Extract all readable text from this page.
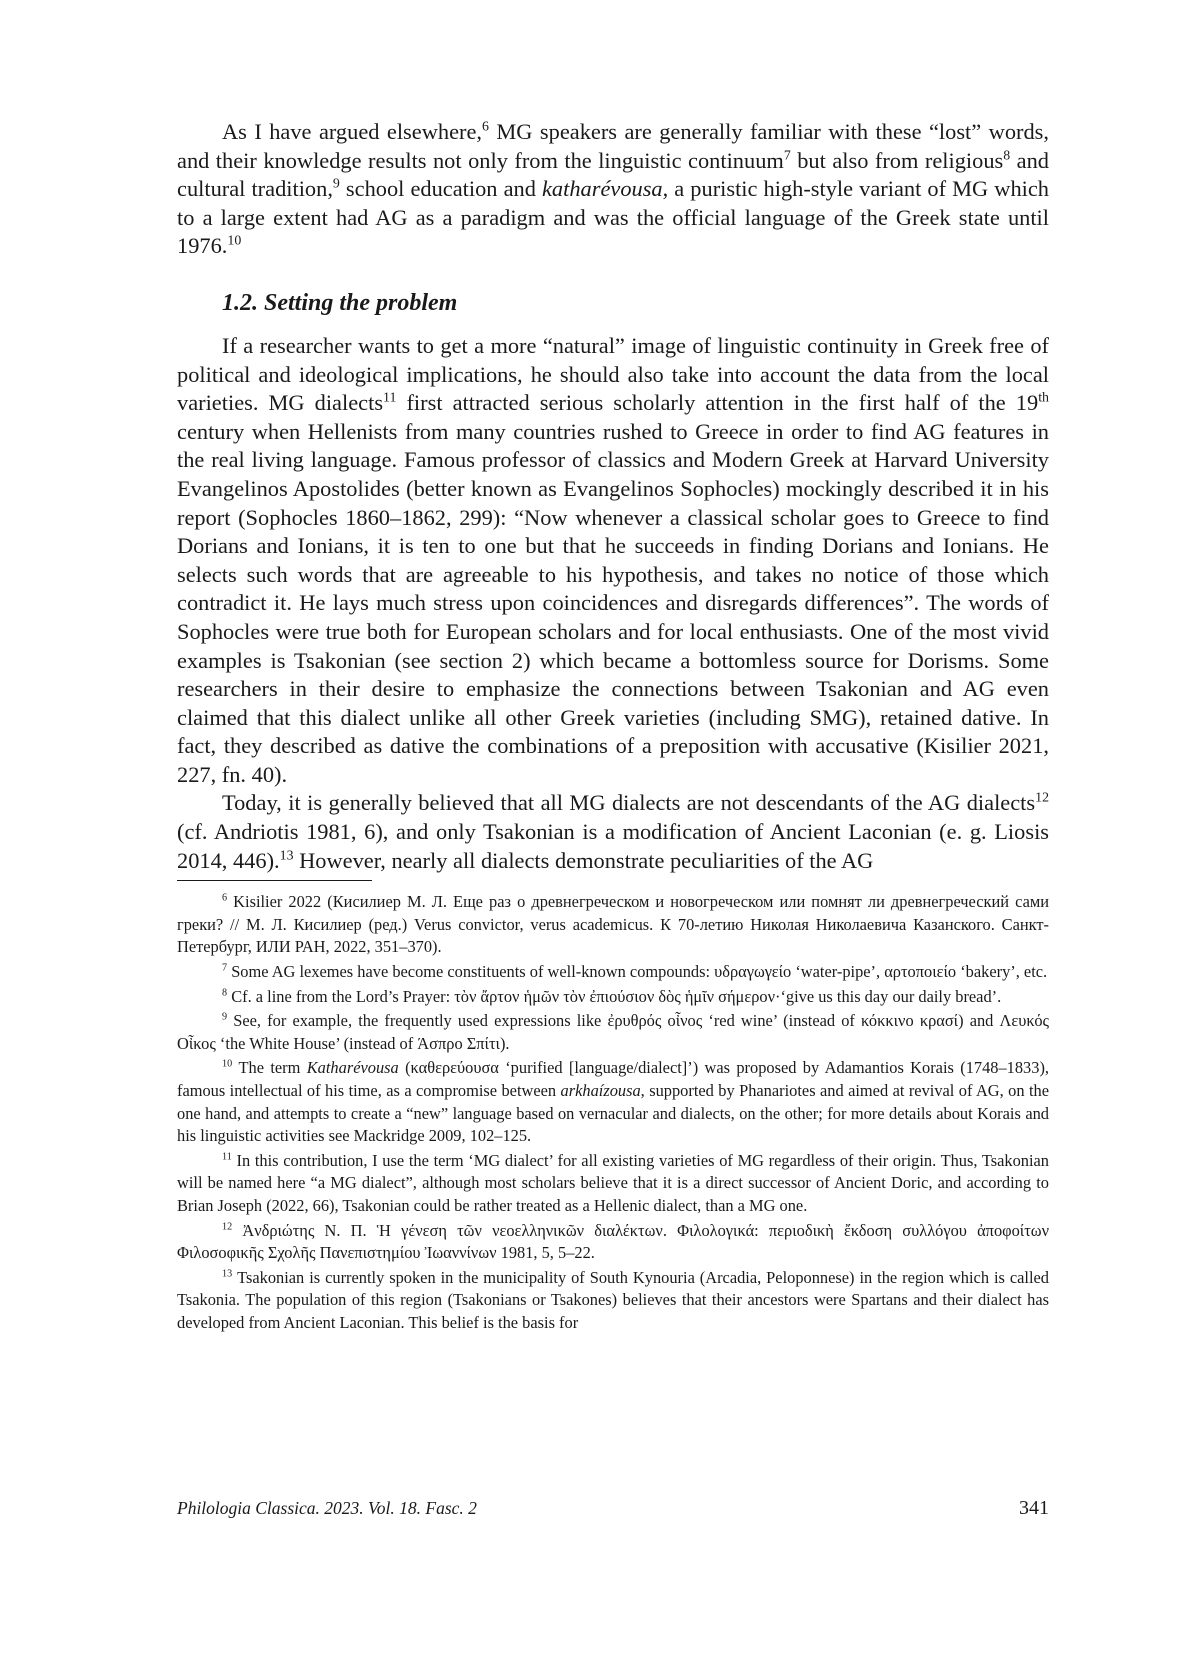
As I have argued elsewhere,$^6$ MG speakers are generally familiar with these “lost” words, and their knowledge results not only from the linguistic continuum$^7$ but also from religious$^8$ and cultural tradition,$^9$ school education and katharévousa, a puristic high-style variant of MG which to a large extent had AG as a paradigm and was the official language of the Greek state until 1976.10

1.2. Setting the problem

If a researcher wants to get a more “natural” image of linguistic continuity in Greek free of political and ideological implications, he should also take into account the data from the local varieties. MG dialects$^{11}$ first attracted serious scholarly attention in the first half of the 19th century when Hellenists from many countries rushed to Greece in order to find AG features in the real living language. Famous professor of classics and Modern Greek at Harvard University Evangelinos Apostolides (better known as Evangelinos Sophocles) mockingly described it in his report (Sophocles 1860–1862, 299): “Now whenever a classical scholar goes to Greece to find Dorians and Ionians, it is ten to one but that he succeeds in finding Dorians and Ionians. He selects such words that are agreeable to his hypothesis, and takes no notice of those which contradict it. He lays much stress upon coincidences and disregards differences”. The words of Sophocles were true both for European scholars and for local enthusiasts. One of the most vivid examples is Tsakonian (see section 2) which became a bottomless source for Dorisms. Some researchers in their desire to emphasize the connections between Tsakonian and AG even claimed that this dialect unlike all other Greek varieties (including SMG), retained dative. In fact, they described as dative the combinations of a preposition with accusative (Kisilier 2021, 227, fn. 40).

Today, it is generally believed that all MG dialects are not descendants of the AG dialects$^{12}$ (cf. Andriotis 1981, 6), and only Tsakonian is a modification of Ancient Laconian (e. g. Liosis 2014, 446).$^{13}$ However, nearly all dialects demonstrate peculiarities of the AG

$^6$ Kisilier 2022 (Кисилиер М. Л. Еще раз о древнегреческом и новогреческом или помнят ли древнегреческий сами греки? // М. Л. Кисилиер (ред.) Verus convictor, verus academicus. К 70-летию Николая Николаевича Казанского. Санкт-Петербург, ИЛИ РАН, 2022, 351–370).

$^7$ Some AG lexemes have become constituents of well-known compounds: υδραγωγείο ‘water-pipe’, αρτοποιείο ‘bakery’, etc.

$^8$ Cf. a line from the Lord’s Prayer: τὸν ἄρτον ἡμῶν τὸν ἐπιούσιον δὸς ἡμῖν σήμερον·‘give us this day our daily bread’.

$^9$ See, for example, the frequently used expressions like ἐρυθρός οἶνος ‘red wine’ (instead of κόκκινο κρασί) and Λευκός Οἶκος ‘the White House’ (instead of Άσπρο Σπίτι).

$^{10}$ The term Katharévousa (καθερεύουσα ‘purified [language/dialect]’) was proposed by Adamantios Korais (1748–1833), famous intellectual of his time, as a compromise between arkhaízousa, supported by Phanariotes and aimed at revival of AG, on the one hand, and attempts to create a “new” language based on vernacular and dialects, on the other; for more details about Korais and his linguistic activities see Mackridge 2009, 102–125.

$^{11}$ In this contribution, I use the term ‘MG dialect’ for all existing varieties of MG regardless of their origin. Thus, Tsakonian will be named here “a MG dialect”, although most scholars believe that it is a direct successor of Ancient Doric, and according to Brian Joseph (2022, 66), Tsakonian could be rather treated as a Hellenic dialect, than a MG one.

$^{12}$ Ἀνδριώτης Ν. Π. Ἡ γένεση τῶν νεοελληνικῶν διαλέκτων. Φιλολογικά: περιοδικὴ ἔκδοση συλλόγου ἀποφοίτων Φιλοσοφικῆς Σχολῆς Πανεπιστημίου Ἰωαννίνων 1981, 5, 5–22.

$^{13}$ Tsakonian is currently spoken in the municipality of South Kynouria (Arcadia, Peloponnese) in the region which is called Tsakonia. The population of this region (Tsakonians or Tsakones) believes that their ancestors were Spartans and their dialect has developed from Ancient Laconian. This belief is the basis for

Philologia Classica. 2023. Vol. 18. Fasc. 2	341
